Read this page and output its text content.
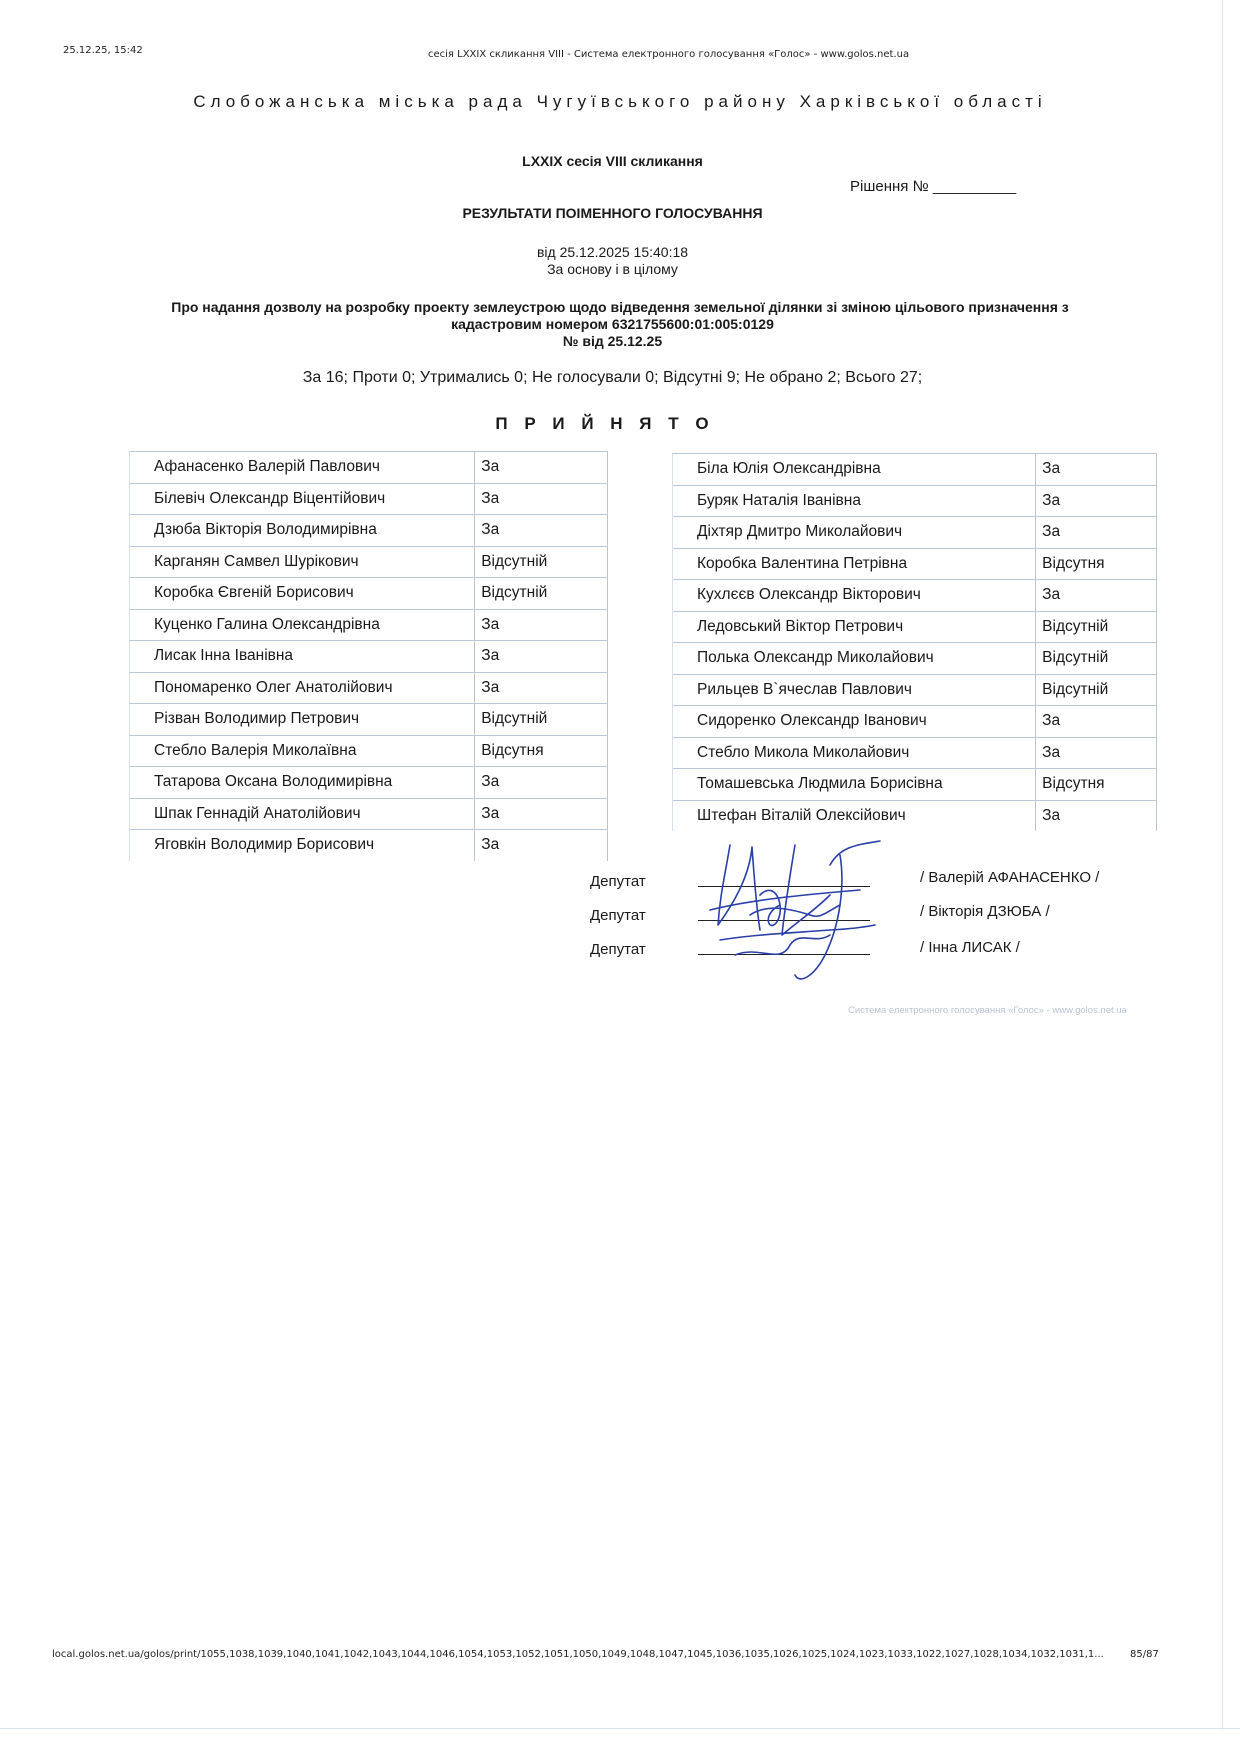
25.12.25, 15:42	сесія LXXIX скликання VIII - Система електронного голосування «Голос» - www.golos.net.ua
Слобожанська міська рада Чугуївського району Харківської області
LXXIX сесія VIII скликання
Рішення № __________
РЕЗУЛЬТАТИ ПОІМЕННОГО ГОЛОСУВАННЯ
від 25.12.2025 15:40:18
За основу і в цілому
Про надання дозволу на розробку проекту землеустрою щодо відведення земельної ділянки зі зміною цільового призначення з
кадастровим номером 6321755600:01:005:0129
№ від 25.12.25
За 16; Проти 0; Утримались 0; Не голосували 0; Відсутні 9; Не обрано 2; Всього 27;
П Р И Й Н Я Т О
Афанасенко Валерій Павлович	За
Білевіч Олександр Віцентійович	За
Дзюба Вікторія Володимирівна	За
Карганян Самвел Шурікович	Відсутній
Коробка Євгеній Борисович	Відсутній
Куценко Галина Олександрівна	За
Лисак Інна Іванівна	За
Пономаренко Олег Анатолійович	За
Різван Володимир Петрович	Відсутній
Стебло Валерія Миколаївна	Відсутня
Татарова Оксана Володимирівна	За
Шпак Геннадій Анатолійович	За
Яговкін Володимир Борисович	За
Біла Юлія Олександрівна	За
Буряк Наталія Іванівна	За
Діхтяр Дмитро Миколайович	За
Коробка Валентина Петрівна	Відсутня
Кухлєєв Олександр Вікторович	За
Ледовський Віктор Петрович	Відсутній
Полька Олександр Миколайович	Відсутній
Рильцев В`ячеслав Павлович	Відсутній
Сидоренко Олександр Іванович	За
Стебло Микола Миколайович	За
Томашевська Людмила Борисівна	Відсутня
Штефан Віталій Олексійович	За
Депутат
Депутат
Депутат
/ Валерій АФАНАСЕНКО /
/ Вікторія ДЗЮБА /
/ Інна ЛИСАК /
Система електронного голосування «Голос» - www.golos.net.ua
local.golos.net.ua/golos/print/1055,1038,1039,1040,1041,1042,1043,1044,1046,1054,1053,1052,1051,1050,1049,1048,1047,1045,1036,1035,1026,1025,1024,1023,1033,1022,1027,1028,1034,1032,1031,1...	85/87
